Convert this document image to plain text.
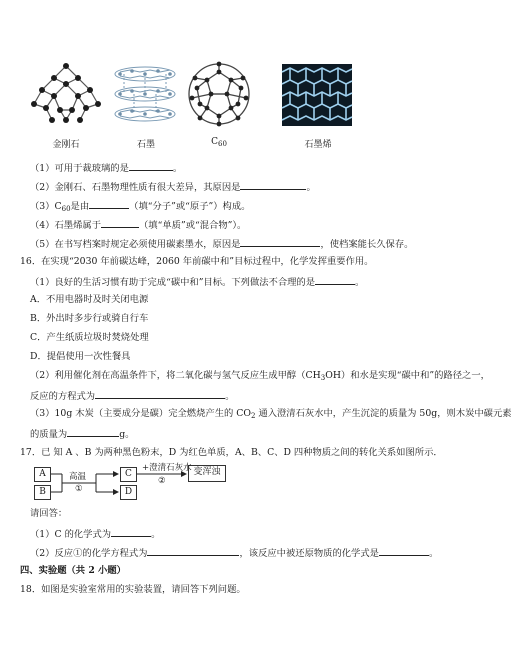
金刚石	石墨	$C_{60}$	石墨烯
（1）可用于裁玻璃的是	。
（2）金刚石、石墨物理性质有很大差异，其原因是	。
$(3)C_{60}$是由	（填“分子”或“原子”）构成。
（4）石墨烯属于	（填“单质”或“混合物”）。
（5）在书写档案时规定必须使用碳素墨水，原因是	，使档案能长久保存。
16．在实现“2030 年前碳达峰，2060 年前碳中和”目标过程中，化学发挥重要作用。
（1）良好的生活习惯有助于完成“碳中和”目标。下列做法不合理的是	。
A．不用电器时及时关闭电源
B．外出时多步行或骑自行车
C．产生纸质垃圾时焚烧处理
D．提倡使用一次性餐具
（2）利用催化剂在高温条件下，将二氧化碳与氢气反应生成甲醇$(CH_3OH)$和水是实现“碳中和”的路径之一，
反应的方程式为	。
（3）10g 木炭（主要成分是碳）完全燃烧产生的 $CO_2$ 通入澄清石灰水中，产生沉淀的质量为 50g，则木炭中碳元素
的质量为	g。
17．已 知 A 、B 为两种黑色粉末，D 为红色单质，A、B、C、D 四种物质之间的转化关系如图所示．
A
B
C
D
变浑浊
高温
①
+澄清石灰水
②
请回答：
（1）C 的化学式为	。
（2）反应①的化学方程式为	，该反应中被还原物质的化学式是	。
四、实验题（共 2 小题）
18．如图是实验室常用的实验装置，请回答下列问题。
